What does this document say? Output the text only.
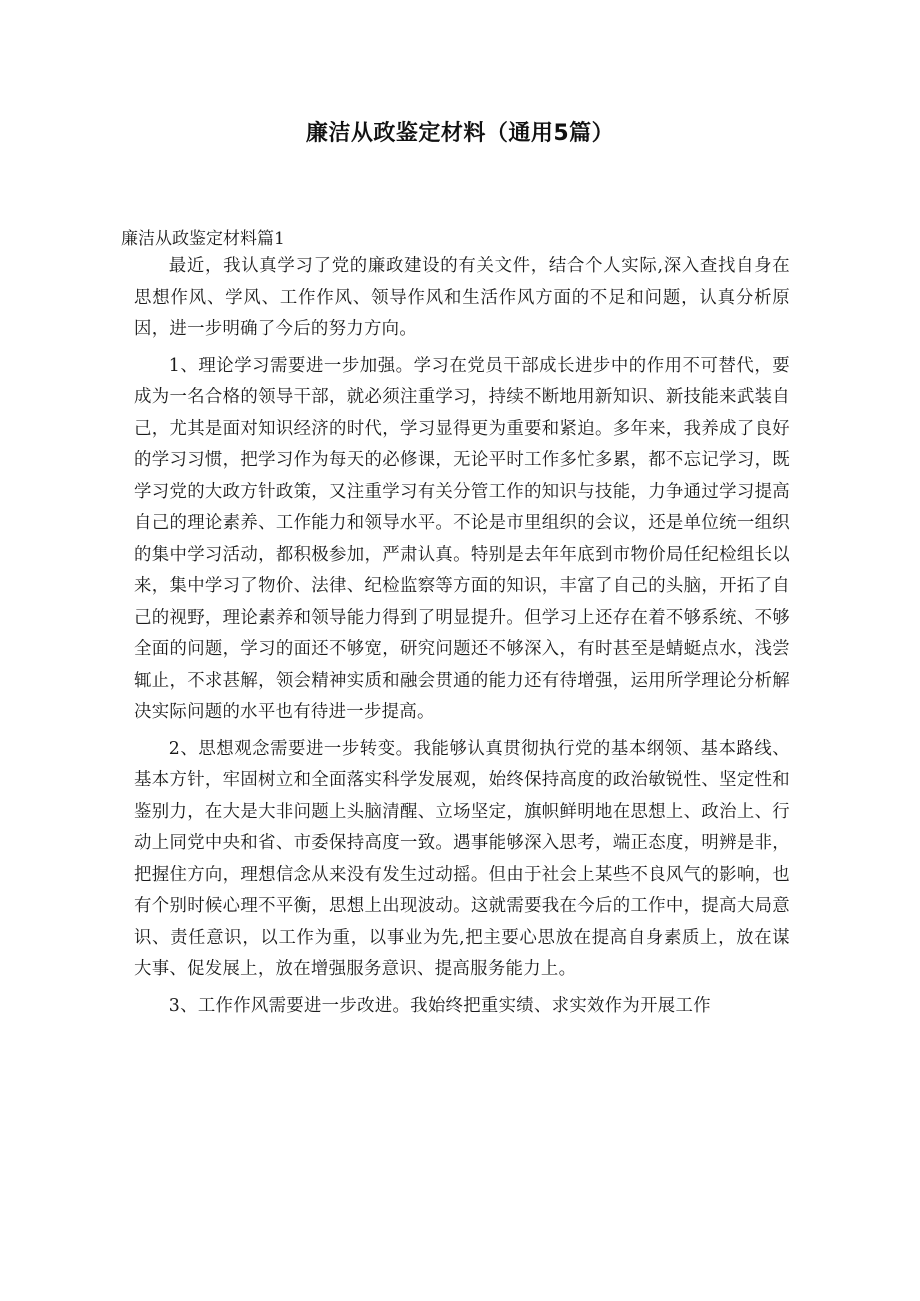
廉洁从政鉴定材料（通用5篇）
廉洁从政鉴定材料篇1

最近，我认真学习了党的廉政建设的有关文件，结合个人实际,深入查找自身在思想作风、学风、工作作风、领导作风和生活作风方面的不足和问题，认真分析原因，进一步明确了今后的努力方向。

1、理论学习需要进一步加强。学习在党员干部成长进步中的作用不可替代，要成为一名合格的领导干部，就必须注重学习，持续不断地用新知识、新技能来武装自己，尤其是面对知识经济的时代，学习显得更为重要和紧迫。多年来，我养成了良好的学习习惯，把学习作为每天的必修课，无论平时工作多忙多累，都不忘记学习，既学习党的大政方针政策，又注重学习有关分管工作的知识与技能，力争通过学习提高自己的理论素养、工作能力和领导水平。不论是市里组织的会议，还是单位统一组织的集中学习活动，都积极参加，严肃认真。特别是去年年底到市物价局任纪检组长以来，集中学习了物价、法律、纪检监察等方面的知识，丰富了自己的头脑，开拓了自己的视野，理论素养和领导能力得到了明显提升。但学习上还存在着不够系统、不够全面的问题，学习的面还不够宽，研究问题还不够深入，有时甚至是蜻蜓点水，浅尝辄止，不求甚解，领会精神实质和融会贯通的能力还有待增强，运用所学理论分析解决实际问题的水平也有待进一步提高。

2、思想观念需要进一步转变。我能够认真贯彻执行党的基本纲领、基本路线、基本方针，牢固树立和全面落实科学发展观，始终保持高度的政治敏锐性、坚定性和鉴别力，在大是大非问题上头脑清醒、立场坚定，旗帜鲜明地在思想上、政治上、行动上同党中央和省、市委保持高度一致。遇事能够深入思考，端正态度，明辨是非，把握住方向，理想信念从来没有发生过动摇。但由于社会上某些不良风气的影响，也有个别时候心理不平衡，思想上出现波动。这就需要我在今后的工作中，提高大局意识、责任意识，以工作为重，以事业为先,把主要心思放在提高自身素质上，放在谋大事、促发展上，放在增强服务意识、提高服务能力上。

3、工作作风需要进一步改进。我始终把重实绩、求实效作为开展工作
